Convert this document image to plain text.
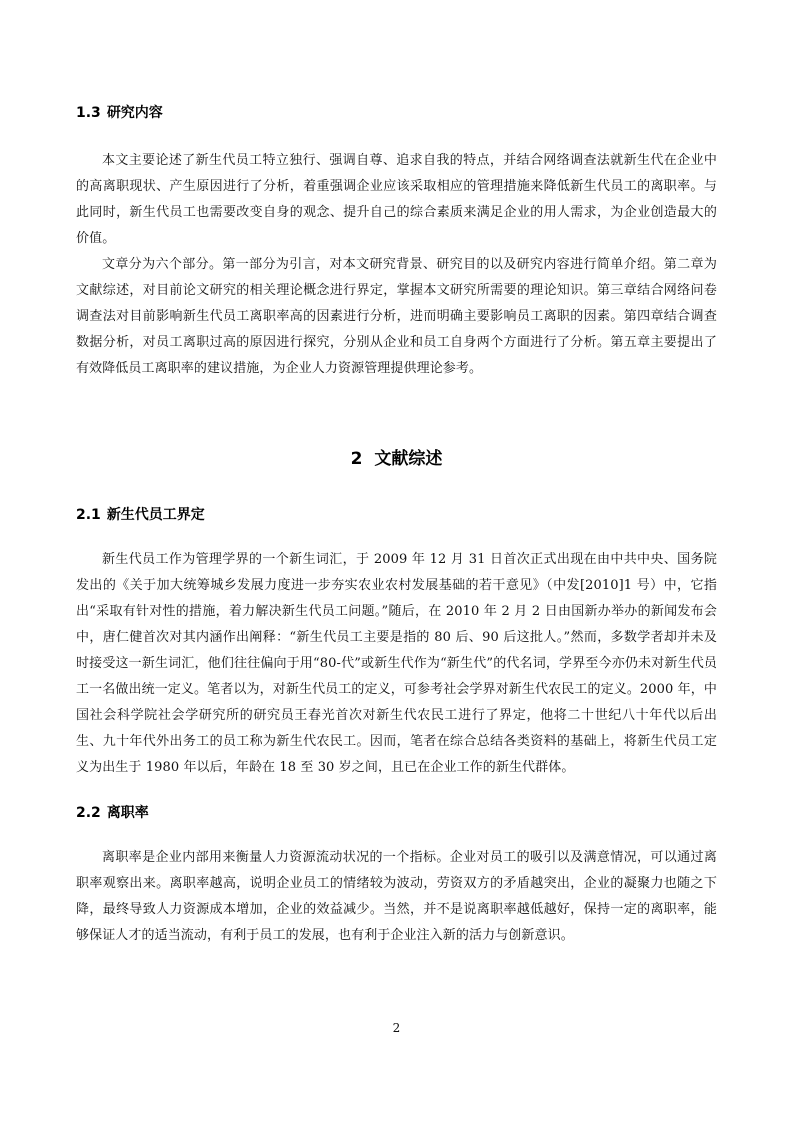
1.3 研究内容

本文主要论述了新生代员工特立独行、强调自尊、追求自我的特点，并结合网络调查法就新生代在企业中的高离职现状、产生原因进行了分析，着重强调企业应该采取相应的管理措施来降低新生代员工的离职率。与此同时，新生代员工也需要改变自身的观念、提升自己的综合素质来满足企业的用人需求，为企业创造最大的价值。

文章分为六个部分。第一部分为引言，对本文研究背景、研究目的以及研究内容进行简单介绍。第二章为文献综述，对目前论文研究的相关理论概念进行界定，掌握本文研究所需要的理论知识。第三章结合网络问卷调查法对目前影响新生代员工离职率高的因素进行分析，进而明确主要影响员工离职的因素。第四章结合调查数据分析，对员工离职过高的原因进行探究，分别从企业和员工自身两个方面进行了分析。第五章主要提出了有效降低员工离职率的建议措施，为企业人力资源管理提供理论参考。

2 文献综述
2.1 新生代员工界定

新生代员工作为管理学界的一个新生词汇，于 2009 年 12 月 31 日首次正式出现在由中共中央、国务院发出的《关于加大统筹城乡发展力度进一步夯实农业农村发展基础的若干意见》（中发[2010]1 号）中，它指出“采取有针对性的措施，着力解决新生代员工问题。”随后，在 2010 年 2 月 2 日由国新办举办的新闻发布会中，唐仁健首次对其内涵作出阐释：“新生代员工主要是指的 80 后、90 后这批人。”然而，多数学者却并未及时接受这一新生词汇，他们往往偏向于用“80-代”或新生代作为“新生代”的代名词，学界至今亦仍未对新生代员工一名做出统一定义。笔者以为，对新生代员工的定义，可参考社会学界对新生代农民工的定义。2000 年，中国社会科学院社会学研究所的研究员王春光首次对新生代农民工进行了界定，他将二十世纪八十年代以后出生、九十年代外出务工的员工称为新生代农民工。因而，笔者在综合总结各类资料的基础上，将新生代员工定义为出生于 1980 年以后，年龄在 18 至 30 岁之间，且已在企业工作的新生代群体。

2.2 离职率

离职率是企业内部用来衡量人力资源流动状况的一个指标。企业对员工的吸引以及满意情况，可以通过离职率观察出来。离职率越高，说明企业员工的情绪较为波动，劳资双方的矛盾越突出，企业的凝聚力也随之下降，最终导致人力资源成本增加，企业的效益减少。当然，并不是说离职率越低越好，保持一定的离职率，能够保证人才的适当流动，有利于员工的发展，也有利于企业注入新的活力与创新意识。

2
